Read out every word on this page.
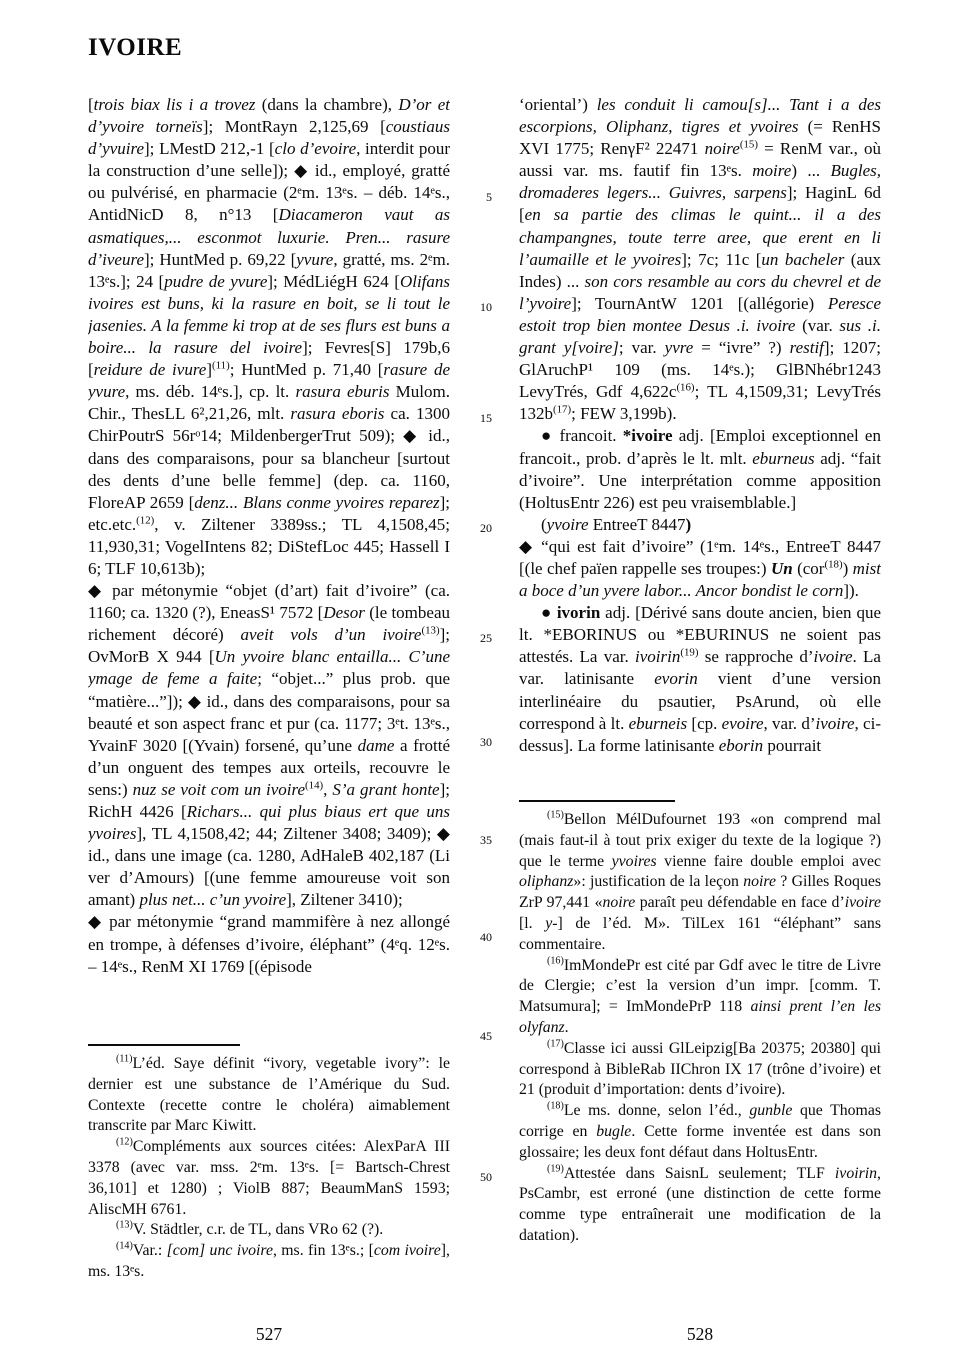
IVOIRE

[trois biax lis i a trovez (dans la chambre), D’or et d’yvoire torneïs]; MontRayn 2,125,69 [coustiaus d’yvuire]; LMestD 212,-1 [clo d’evoire, interdit pour la construction d’une selle]); ◆ id., employé, gratté ou pulvérisé, en pharmacie (2ᵉm. 13ᵉs. – déb. 14ᵉs., AntidNicD 8, n°13 [Diacameron vaut as asmatiques,... esconmot luxurie. Pren... rasure d’iveure]; HuntMed p. 69,22 [yvure, gratté, ms. 2ᵉm. 13ᵉs.]; 24 [pudre de yvure]; MédLiégH 624 [Olifans ivoires est buns, ki la rasure en boit, se li tout le jasenies. A la femme ki trop at de ses flurs est buns a boire... la rasure del ivoire]; Fevres[S] 179b,6 [reidure de ivure]$^{(11)}$; HuntMed p. 71,40 [rasure de yvure, ms. déb. 14ᵉs.], cp. lt. rasura eburis Mulom. Chir., ThesLL 6²,21,26, mlt. rasura eboris ca. 1300 ChirPoutrS 56rᵒ14; MildenbergerTrut 509); ◆ id., dans des comparaisons, pour sa blancheur [surtout des dents d’une belle femme] (dep. ca. 1160, FloreAP 2659 [denz... Blans conme yvoires reparez]; etc.etc.$^{(12)}$, v. Ziltener 3389ss.; TL 4,1508,45; 11,930,31; VogelIntens 82; DiStefLoc 445; Hassell I 6; TLF 10,613b);

◆ par métonymie “objet (d’art) fait d’ivoire” (ca. 1160; ca. 1320 (?), EneasS¹ 7572 [Desor (le tombeau richement décoré) aveit vols d’un ivoire$^{(13)}$]; OvMorB X 944 [Un yvoire blanc entailla... C’une ymage de feme a faite; “objet...” plus prob. que “matière...”]); ◆ id., dans des comparaisons, pour sa beauté et son aspect franc et pur (ca. 1177; 3ᵉt. 13ᵉs., YvainF 3020 [(Yvain) forsené, qu’une dame a frotté d’un onguent des tempes aux orteils, recouvre le sens:) nuz se voit com un ivoire$^{(14)}$, S’a grant honte]; RichH 4426 [Richars... qui plus biaus ert que uns yvoires], TL 4,1508,42; 44; Ziltener 3408; 3409); ◆ id., dans une image (ca. 1280, AdHaleB 402,187 (Li ver d’Amours) [(une femme amoureuse voit son amant) plus net... c’un yvoire], Ziltener 3410);

◆ par métonymie “grand mammifère à nez allongé en trompe, à défenses d’ivoire, éléphant” (4ᵉq. 12ᵉs. – 14ᵉs., RenM XI 1769 [(épisode

$^{(11)}$L’éd. Saye définit “ivory, vegetable ivory”: le dernier est une substance de l’Amérique du Sud. Contexte (recette contre le choléra) aimablement transcrite par Marc Kiwitt.

$^{(12)}$Compléments aux sources citées: AlexParA III 3378 (avec var. mss. 2ᵉm. 13ᵉs. [= Bartsch-Chrest 36,101] et 1280) ; ViolB 887; BeaumManS 1593; AliscMH 6761.

$^{(13)}$V. Städtler, c.r. de TL, dans VRo 62 (?).

$^{(14)}$Var.: [com] unc ivoire, ms. fin 13ᵉs.; [com ivoire], ms. 13ᵉs.

‘oriental’) les conduit li camou[s]... Tant i a des escorpions, Oliphanz, tigres et yvoires (= RenHS XVI 1775; RenγF² 22471 noire$^{(15)}$ = RenM var., où aussi var. ms. fautif fin 13ᵉs. moire) ... Bugles, dromaderes legers... Guivres, sarpens]; HaginL 6d [en sa partie des climas le quint... il a des champangnes, toute terre aree, que erent en li l’aumaille et le yvoires]; 7c; 11c [un bacheler (aux Indes) ... son cors resamble au cors du chevrel et de l’yvoire]; TournAntW 1201 [(allégorie) Peresce estoit trop bien montee Desus .i. ivoire (var. sus .i. grant y[voire]; var. yvre = “ivre” ?) restif]; 1207; GlAruchP¹ 109 (ms. 14ᵉs.); GlBNhébr1243 LevyTrés, Gdf $4,622c^{(16)}$; TL 4,1509,31; LevyTrés $132b^{(17)}$; FEW 3,199b).

● francoit. *ivoire adj. [Emploi exceptionnel en francoit., prob. d’après le lt. mlt. eburneus adj. “fait d’ivoire”. Une interprétation comme apposition (HoltusEntr 226) est peu vraisemblable.]

(yvoire EntreeT 8447)

◆ “qui est fait d’ivoire” (1ᵉm. 14ᵉs., EntreeT 8447 [(le chef païen rappelle ses troupes:) Un (cor$^{(18)}$) mist a boce d’un yvere labor... Ancor bondist le corn]).

● ivorin adj. [Dérivé sans doute ancien, bien que lt. *EBORINUS ou *EBURINUS ne soient pas attestés. La var. ivoirin$^{(19)}$ se rapproche d’ivoire. La var. latinisante evorin vient d’une version interlinéaire du psautier, PsArund, où elle correspond à lt. eburneis [cp. evoire, var. d’ivoire, ci-dessus]. La forme latinisante eborin pourrait

$^{(15)}$Bellon MélDufournet 193 «on comprend mal (mais faut-il à tout prix exiger du texte de la logique ?) que le terme yvoires vienne faire double emploi avec oliphanz»: justification de la leçon noire ? Gilles Roques ZrP 97,441 «noire paraît peu défendable en face d’ivoire [l. y-] de l’éd. M». TilLex 161 “éléphant” sans commentaire.

$^{(16)}$ImMondePr est cité par Gdf avec le titre de Livre de Clergie; c’est la version d’un impr. [comm. T. Matsumura]; = ImMondePrP 118 ainsi prent l’en les olyfanz.

$^{(17)}$Classe ici aussi GlLeipzig[Ba 20375; 20380] qui correspond à BibleRab IIChron IX 17 (trône d’ivoire) et 21 (produit d’importation: dents d’ivoire).

$^{(18)}$Le ms. donne, selon l’éd., gunble que Thomas corrige en bugle. Cette forme inventée est dans son glossaire; les deux font défaut dans HoltusEntr.

$^{(19)}$Attestée dans SaisnL seulement; TLF ivoirin, PsCambr, est erroné (une distinction de cette forme comme type entraînerait une modification de la datation).

5
10
15
20
25
30
35
40
45
50
527	528
